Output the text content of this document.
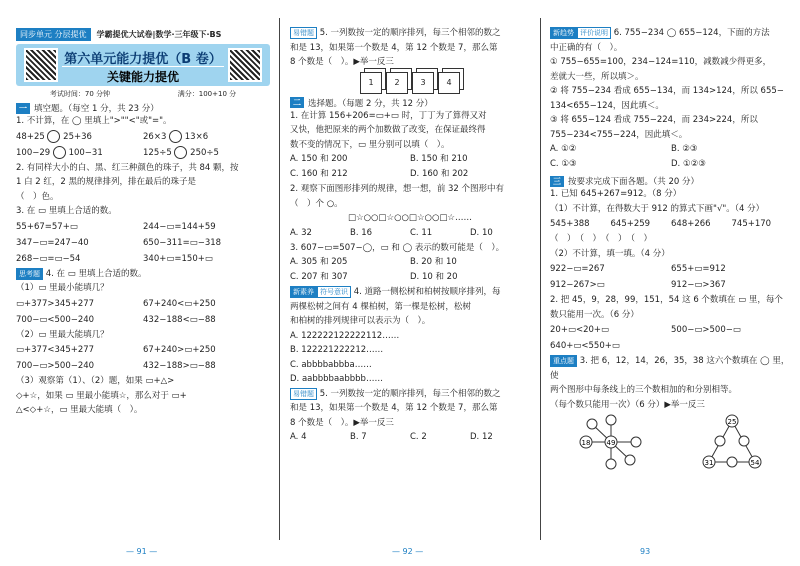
同步单元 分层提优	学霸提优大试卷|数学·三年级下·BS
第六单元能力提优（B 卷）
关键能力提优
考试时间：70 分钟	满分：100+10 分
一 填空题。（每空 1 分，共 23 分）
1. 不计算，在 ◯ 里填上">""<"或"="。
48+25 25+36	26×3 13×6
100−29 100−31	125÷5 250÷5
2. 有同样大小的白、黑、红三种颜色的珠子，共 84 颗，按
1 白 2 红，2 黑的规律排列，排在最后的珠子是
（　）色。
3. 在 ▭ 里填上合适的数。
55+67=57+▭	244−▭=144+59
347−▭=247−40	650−311=▭−318
268−▭=▭−54	340+▭=150+▭
思考题 4. 在 ▭ 里填上合适的数。
（1）▭ 里最小能填几？
▭+377>345+277	67+240<▭+250
700−▭<500−240	432−188<▭−88
（2）▭ 里最大能填几？
▭+377<345+277	67+240>▭+250
700−▭>500−240	432−188>▭−88
（3）观察第（1）、（2）题，如果 ▭+△>
◇+☆，如果 ▭ 里最小能填☆，那么对于 ▭+
△<◇+☆，▭ 里最大能填（　）。
— 91 —
易错题 5. 一列数按一定的顺序排列，每三个相邻的数之
和是 13，如果第一个数是 4，第 12 个数是 7，那么第
8 个数是（　）。▶举一反三
1	2	3	4
二 选择题。（每题 2 分，共 12 分）
1. 在计算 156+206=▭+▭ 时，丁丁为了算得又对
又快，他把原来的两个加数做了改变，在保证最终得
数不变的情况下，▭ 里分别可以填（　）。
A. 150 和 200	B. 150 和 210
C. 160 和 212	D. 160 和 202
2. 观察下面图形排列的规律，想一想，前 32 个图形中有
（　）个 ○。
□☆○○□☆○○□☆○○□☆……
A. 32	B. 16	C. 11	D. 10
3. 607−▭=507−◯，▭ 和 ◯ 表示的数可能是（　）。
A. 305 和 205	B. 20 和 10
C. 207 和 307	D. 10 和 20
新素养 符号意识 4. 道路一侧松树和柏树按顺序排列，每
两棵松树之间有 4 棵柏树，第一棵是松树，松树
和柏树的排列规律可以表示为（　）。
A. 122222122222112……
B. 122221222212……
C. abbbbabbba……
D. aabbbbaabbbb……
易错题 5. 一列数按一定的顺序排列，每三个相邻的数之
和是 13，如果第一个数是 4，第 12 个数是 7，那么第
8 个数是（　）。▶举一反三
A. 4	B. 7	C. 2	D. 12
— 92 —
新趋势 评价说明 6. 755−234 ◯ 655−124，下面的方法
中正确的有（　）。
① 755−655=100，234−124=110，减数减少得更多，
差就大一些，所以填＞。
② 将 755−234 看成 655−134，而 134>124，所以 655−
134<655−124，因此填＜。
③ 将 655−124 看成 755−224，而 234>224，所以
755−234<755−224，因此填＜。
A. ①②	B. ②③
C. ①③	D. ①②③
三 按要求完成下面各题。（共 20 分）
1. 已知 645+267=912。（8 分）
（1）不计算，在得数大于 912 的算式下画"√"。（4 分）
545+388	645+259	648+266	745+170
（　）　（　）　（　）　（　）
（2）不计算，填一填。（4 分）
922−▭=267	655+▭=912
912−267>▭	912−▭>367
2. 把 45，9，28，99，151，54 这 6 个数填在 ▭ 里，每个
数只能用一次。（6 分）
20+▭<20+▭	500−▭>500−▭
640+▭<550+▭
重点题 3. 把 6，12，14，26，35，38 这六个数填在 ◯ 里，使
两个图形中每条线上的三个数相加的和分别相等。
（每个数只能用一次）（6 分）▶举一反三
49
18
25
31	54
93
